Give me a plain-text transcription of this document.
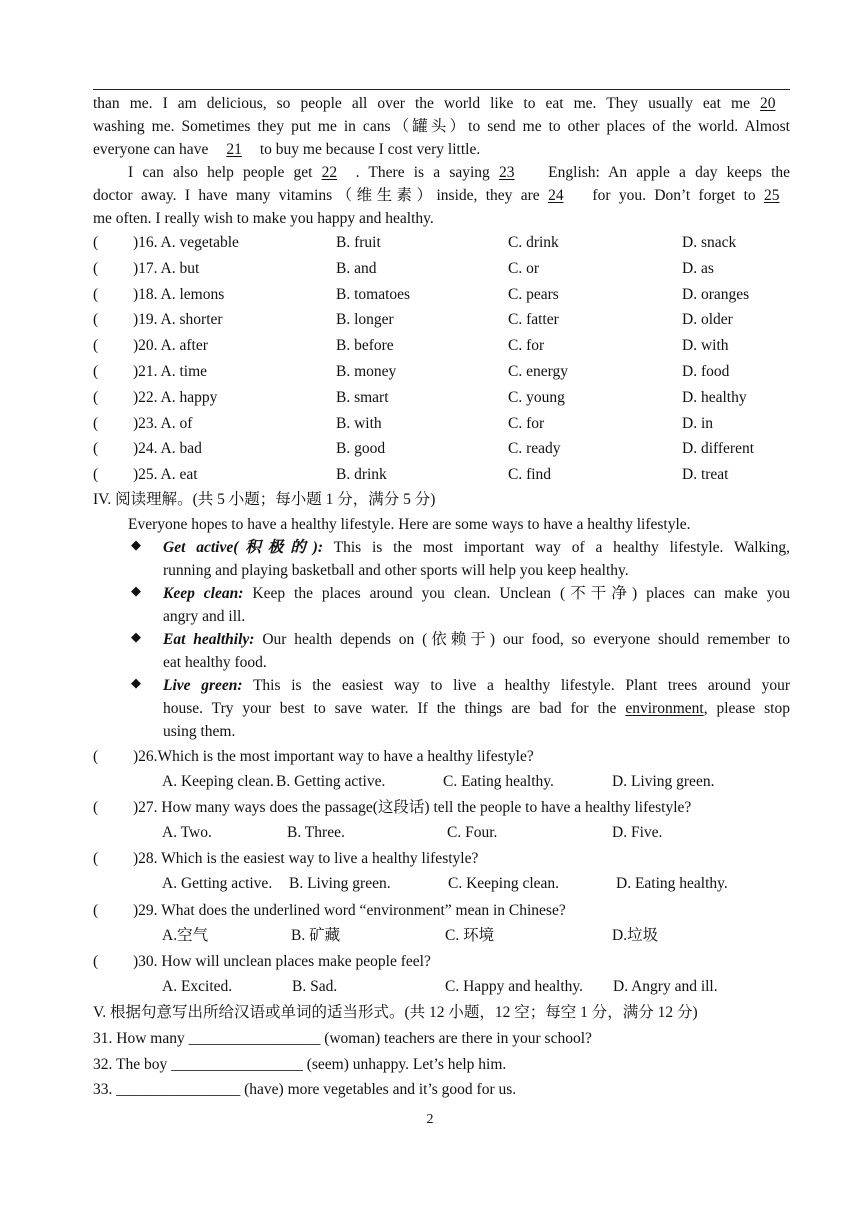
than me. I am delicious, so people all over the world like to eat me. They usually eat me 20
washing me. Sometimes they put me in cans（罐头）to send me to other places of the world. Almost
everyone can have 21 to buy me because I cost very little.
I can also help people get 22 . There is a saying 23 English: An apple a day keeps the
doctor away. I have many vitamins（维生素）inside, they are 24 for you. Don’t forget to 25
me often. I really wish to make you happy and healthy.
( )16. A. vegetable	B. fruit	C. drink	D. snack
( )17. A. but	B. and	C. or	D. as
( )18. A. lemons	B. tomatoes	C. pears	D. oranges
( )19. A. shorter	B. longer	C. fatter	D. older
( )20. A. after	B. before	C. for	D. with
( )21. A. time	B. money	C. energy	D. food
( )22. A. happy	B. smart	C. young	D. healthy
( )23. A. of	B. with	C. for	D. in
( )24. A. bad	B. good	C. ready	D. different
( )25. A. eat	B. drink	C. find	D. treat
IV. 阅读理解。(共 5 小题；每小题 1 分，满分 5 分)
Everyone hopes to have a healthy lifestyle. Here are some ways to have a healthy lifestyle.
◆ Get active(积极的): This is the most important way of a healthy lifestyle. Walking,
running and playing basketball and other sports will help you keep healthy.
◆ Keep clean: Keep the places around you clean. Unclean (不干净) places can make you
angry and ill.
◆ Eat healthily: Our health depends on (依赖于) our food, so everyone should remember to
eat healthy food.
◆ Live green: This is the easiest way to live a healthy lifestyle. Plant trees around your
house. Try your best to save water. If the things are bad for the environment, please stop
using them.
( )26.Which is the most important way to have a healthy lifestyle?
A. Keeping clean. B. Getting active.	C. Eating healthy.	D. Living green.
( )27. How many ways does the passage(这段话) tell the people to have a healthy lifestyle?
A. Two.	B. Three.	C. Four.	D. Five.
( )28. Which is the easiest way to live a healthy lifestyle?
A. Getting active. B. Living green.	C. Keeping clean.	D. Eating healthy.
( )29. What does the underlined word “environment” mean in Chinese?
A.空气	B. 矿藏	C. 环境	D.垃圾
( )30. How will unclean places make people feel?
A. Excited.	B. Sad.	C. Happy and healthy. D. Angry and ill.
V. 根据句意写出所给汉语或单词的适当形式。(共 12 小题，12 空；每空 1 分，满分 12 分)
31. How many _________________ (woman) teachers are there in your school?
32. The boy _________________ (seem) unhappy. Let’s help him.
33. ________________ (have) more vegetables and it’s good for us.
2
